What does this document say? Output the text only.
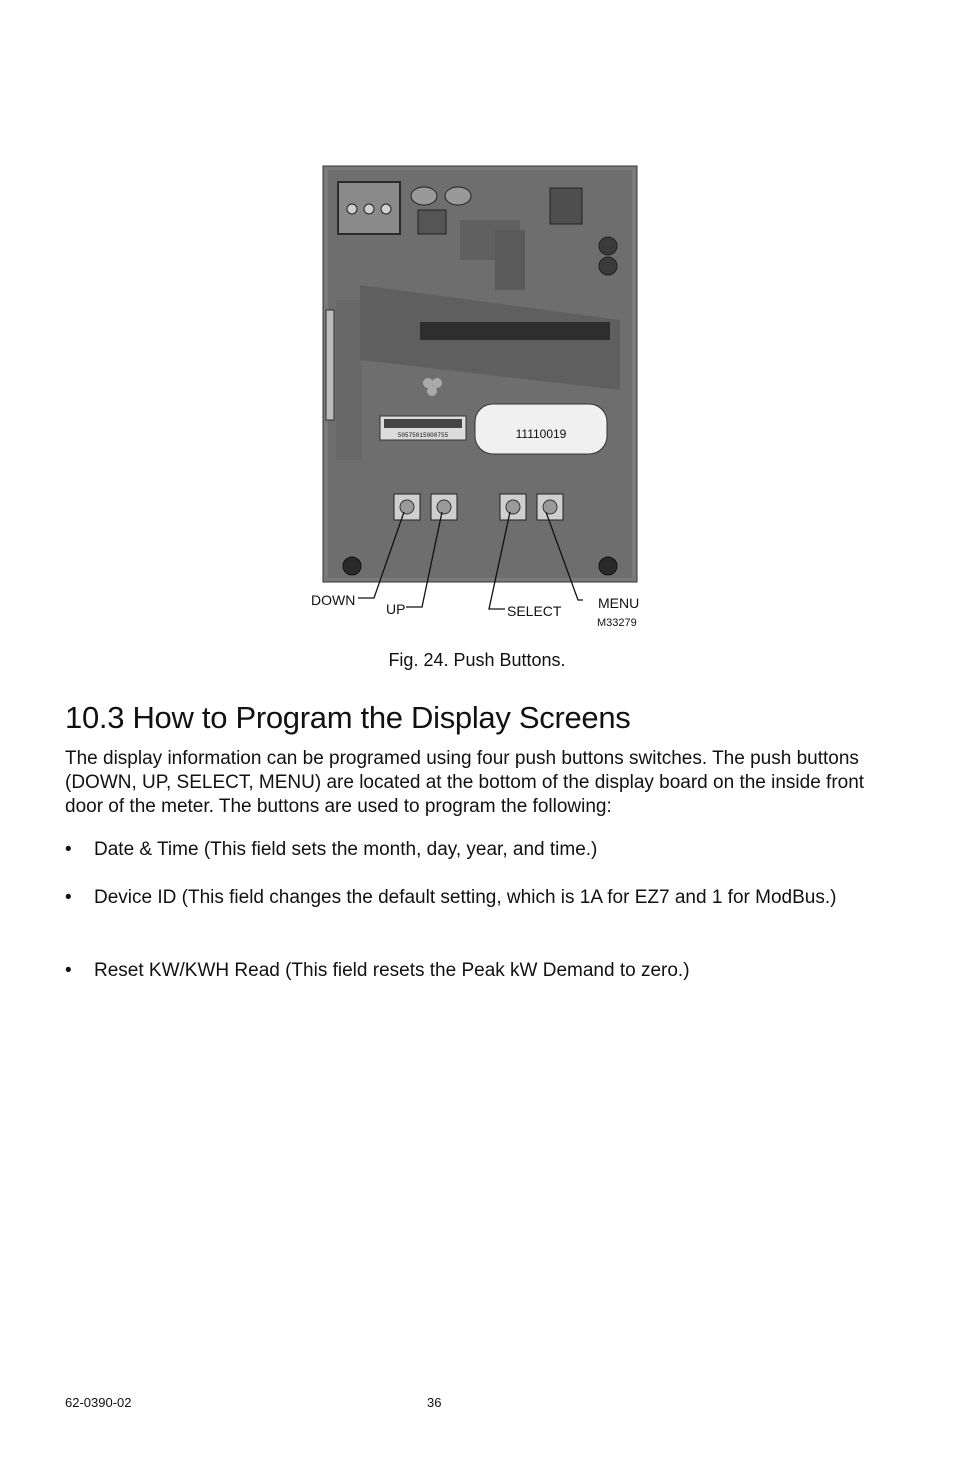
50575015000755	11110019
DOWN
UP	SELECT	MENU
M33279
Fig. 24. Push Buttons.
10.3 How to Program the Display Screens

The display information can be programed using four push buttons switches. The push buttons (DOWN, UP, SELECT, MENU) are located at the bottom of the display board on the inside front door of the meter. The buttons are used to program the following:

• Date & Time (This field sets the month, day, year, and time.)
• Device ID (This field changes the default setting, which is 1A for EZ7 and 1 for ModBus.)
• Reset KW/KWH Read (This field resets the Peak kW Demand to zero.)
62-0390-02	36
